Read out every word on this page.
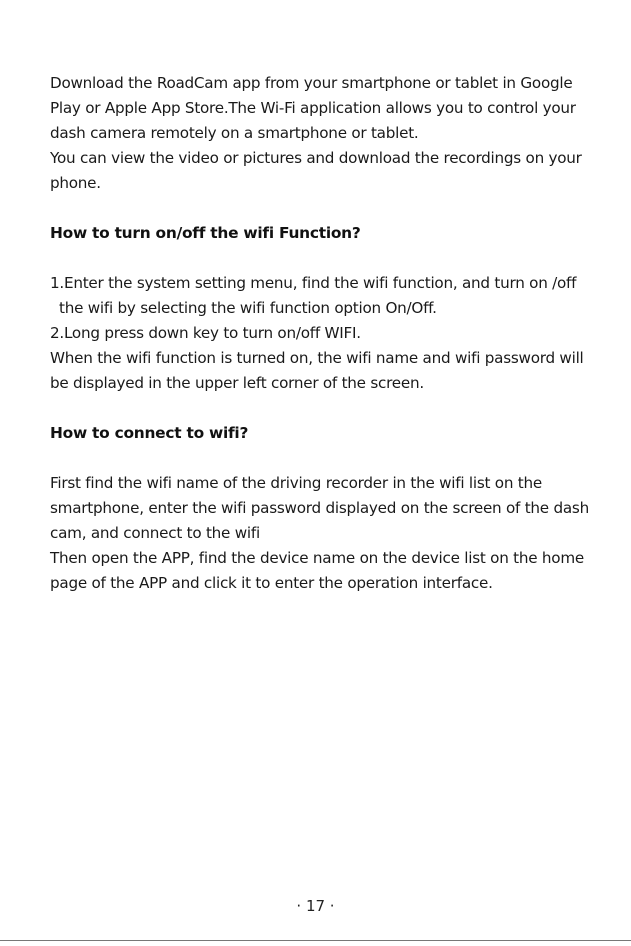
Download the RoadCam app from your smartphone or tablet in Google
Play or Apple App Store.The Wi-Fi application allows you to control your
dash camera remotely on a smartphone or tablet.
You can view the video or pictures and download the recordings on your
phone.

How to turn on/off the wifi Function?

1.Enter the system setting menu, find the wifi function, and turn on /off
the wifi by selecting the wifi function option On/Off.
2.Long press down key to turn on/off WIFI.
When the wifi function is turned on, the wifi name and wifi password will
be displayed in the upper left corner of the screen.

How to connect to wifi?

First find the wifi name of the driving recorder in the wifi list on the
smartphone, enter the wifi password displayed on the screen of the dash
cam, and connect to the wifi
Then open the APP, find the device name on the device list on the home
page of the APP and click it to enter the operation interface.

· 17 ·
